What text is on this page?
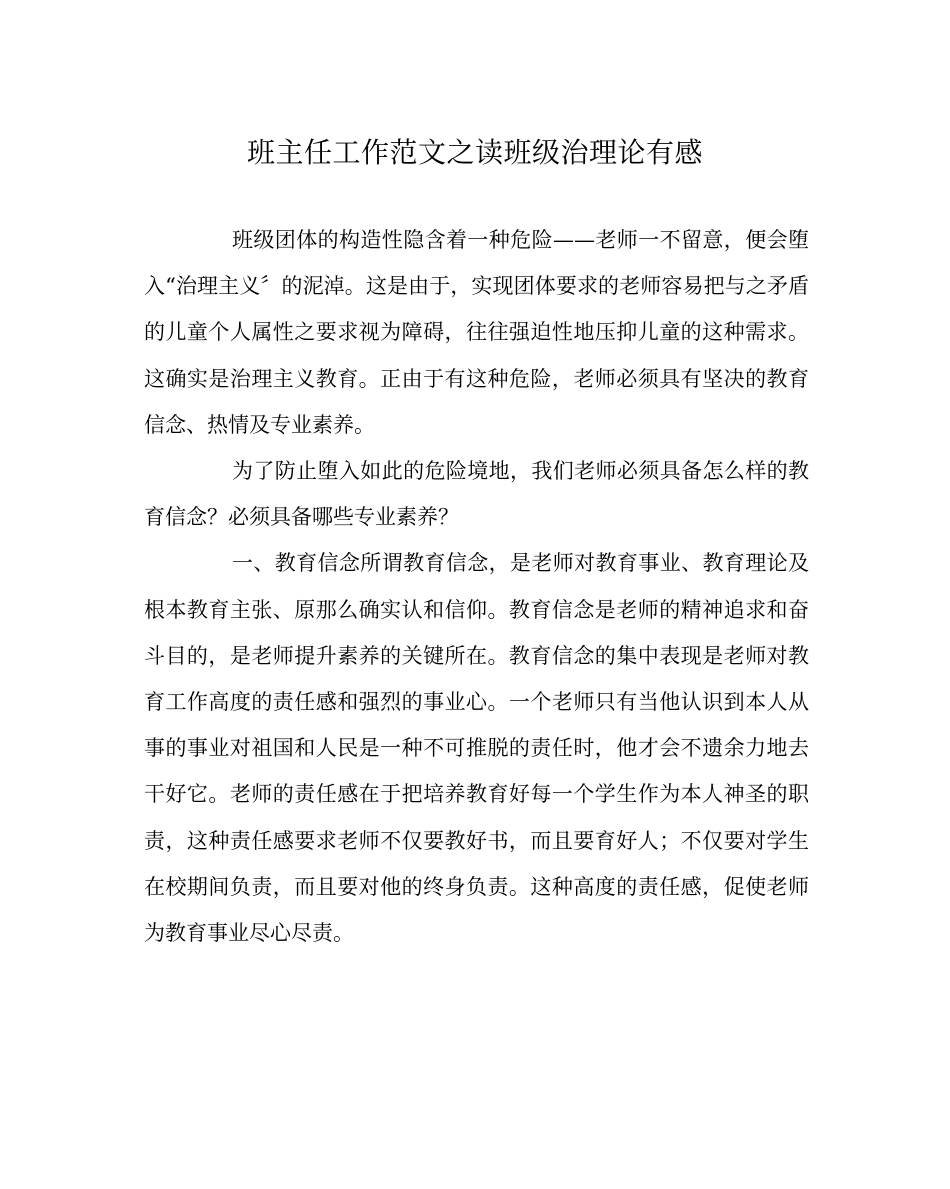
班主任工作范文之读班级治理论有感

班级团体的构造性隐含着一种危险——老师一不留意，便会堕入“治理主义〞的泥淖。这是由于，实现团体要求的老师容易把与之矛盾的儿童个人属性之要求视为障碍，往往强迫性地压抑儿童的这种需求。这确实是治理主义教育。正由于有这种危险，老师必须具有坚决的教育信念、热情及专业素养。

为了防止堕入如此的危险境地，我们老师必须具备怎么样的教育信念？必须具备哪些专业素养？

一、教育信念所谓教育信念，是老师对教育事业、教育理论及根本教育主张、原那么确实认和信仰。教育信念是老师的精神追求和奋斗目的，是老师提升素养的关键所在。教育信念的集中表现是老师对教育工作高度的责任感和强烈的事业心。一个老师只有当他认识到本人从事的事业对祖国和人民是一种不可推脱的责任时，他才会不遗余力地去干好它。老师的责任感在于把培养教育好每一个学生作为本人神圣的职责，这种责任感要求老师不仅要教好书，而且要育好人；不仅要对学生在校期间负责，而且要对他的终身负责。这种高度的责任感，促使老师为教育事业尽心尽责。
